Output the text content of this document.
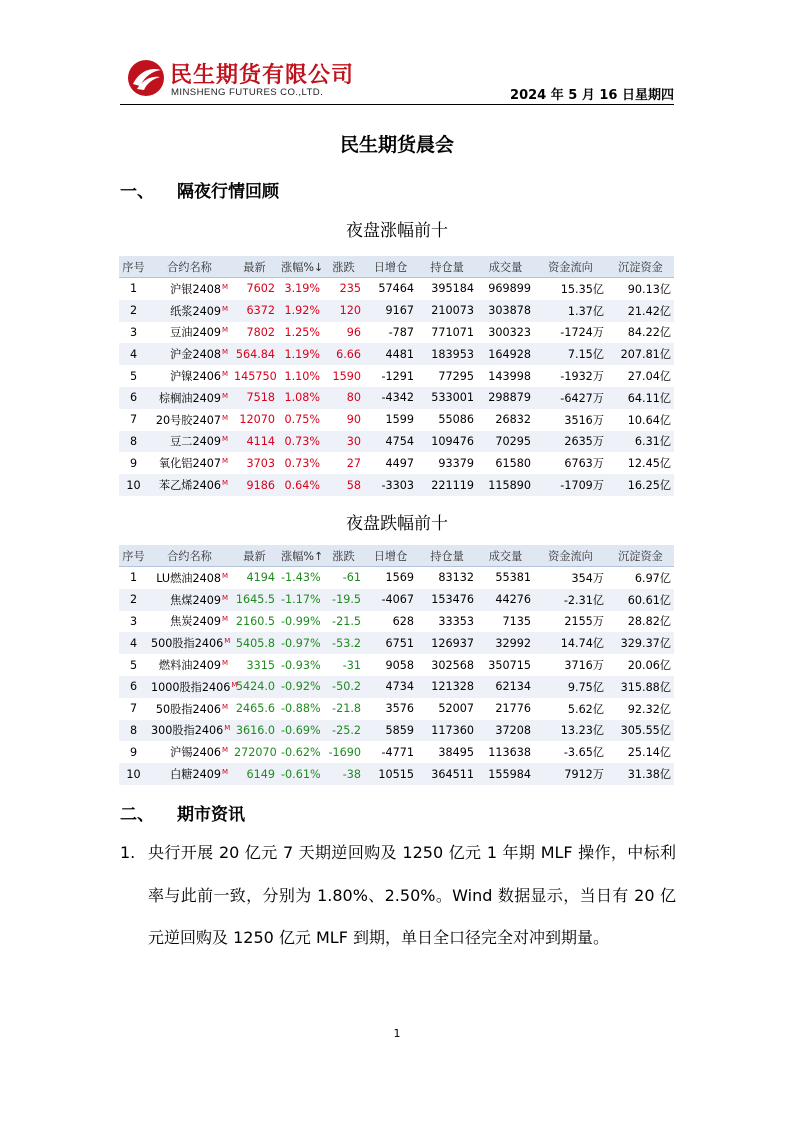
民生期货有限公司
MINSHENG FUTURES CO.,LTD.	2024 年 5 月 16 日星期四
民生期货晨会
一、 隔夜行情回顾
夜盘涨幅前十
序号	合约名称	最新	涨幅%↓	涨跌	日增仓	持仓量	成交量	资金流向	沉淀资金
1	沪银$2408^M$	7602	3.19%	235	57464	395184	969899	15.35亿	90.13亿
2	纸浆$2409^M$	6372	1.92%	120	9167	210073	303878	1.37亿	21.42亿
3	豆油$2409^M$	7802	1.25%	96	-787	771071	300323	-1724万	84.22亿
4	沪金$2408^M$	564.84	1.19%	6.66	4481	183953	164928	7.15亿	207.81亿
5	沪镍$2406^M$	145750	1.10%	1590	-1291	77295	143998	-1932万	27.04亿
6	棕榈油$2409^M$	7518	1.08%	80	-4342	533001	298879	-6427万	64.11亿
7	20号胶$2407^M$	12070	0.75%	90	1599	55086	26832	3516万	10.64亿
8	豆二$2409^M$	4114	0.73%	30	4754	109476	70295	2635万	6.31亿
9	氧化铝$2407^M$	3703	0.73%	27	4497	93379	61580	6763万	12.45亿
10	苯乙烯$2406^M$	9186	0.64%	58	-3303	221119	115890	-1709万	16.25亿
夜盘跌幅前十
序号	合约名称	最新	涨幅%↑	涨跌	日增仓	持仓量	成交量	资金流向	沉淀资金
1	LU燃油$2408^M$	4194	-1.43%	-61	1569	83132	55381	354万	6.97亿
2	焦煤$2409^M$	1645.5	-1.17%	-19.5	-4067	153476	44276	-2.31亿	60.61亿
3	焦炭$2409^M$	2160.5	-0.99%	-21.5	628	33353	7135	2155万	28.82亿
4	500股指$2406^M$	5405.8	-0.97%	-53.2	6751	126937	32992	14.74亿	329.37亿
5	燃料油$2409^M$	3315	-0.93%	-31	9058	302568	350715	3716万	20.06亿
6	1000股指$2406^M$	5424.0	-0.92%	-50.2	4734	121328	62134	9.75亿	315.88亿
7	50股指$2406^M$	2465.6	-0.88%	-21.8	3576	52007	21776	5.62亿	92.32亿
8	300股指$2406^M$	3616.0	-0.69%	-25.2	5859	117360	37208	13.23亿	305.55亿
9	沪锡$2406^M$	272070	-0.62%	-1690	-4771	38495	113638	-3.65亿	25.14亿
10	白糖$2409^M$	6149	-0.61%	-38	10515	364511	155984	7912万	31.38亿
二、 期市资讯
1. 央行开展 20 亿元 7 天期逆回购及 1250 亿元 1 年期 MLF 操作，中标利率与此前一致，分别为 1.80%、2.50%。Wind 数据显示，当日有 20 亿元逆回购及 1250 亿元 MLF 到期，单日全口径完全对冲到期量。
1
